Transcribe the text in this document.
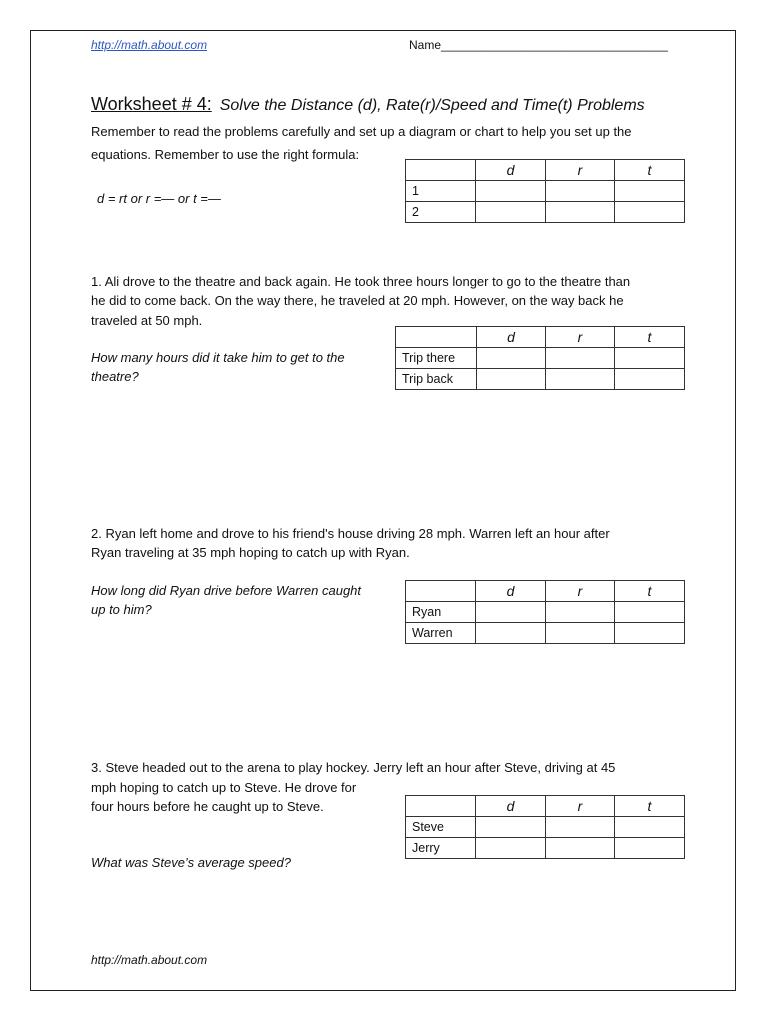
http://math.about.com	Name__________________________________
Worksheet # 4: Solve the Distance (d), Rate(r)/Speed and Time(t) Problems
Remember to read the problems carefully and set up a diagram or chart to help you set up the
equations. Remember to use the right formula:
d = rt or r =— or t =—
	d	r	t
1			
2			
1. Ali drove to the theatre and back again. He took three hours longer to go to the theatre than
he did to come back. On the way there, he traveled at 20 mph. However, on the way back he
traveled at 50 mph.
How many hours did it take him to get to the
theatre?
	d	r	t
Trip there			
Trip back			
2. Ryan left home and drove to his friend's house driving 28 mph. Warren left an hour after
Ryan traveling at 35 mph hoping to catch up with Ryan.
How long did Ryan drive before Warren caught
up to him?
	d	r	t
Ryan			
Warren			
3. Steve headed out to the arena to play hockey. Jerry left an hour after Steve, driving at 45
mph hoping to catch up to Steve. He drove for
four hours before he caught up to Steve.
What was Steve’s average speed?
	d	r	t
Steve			
Jerry			
http://math.about.com
